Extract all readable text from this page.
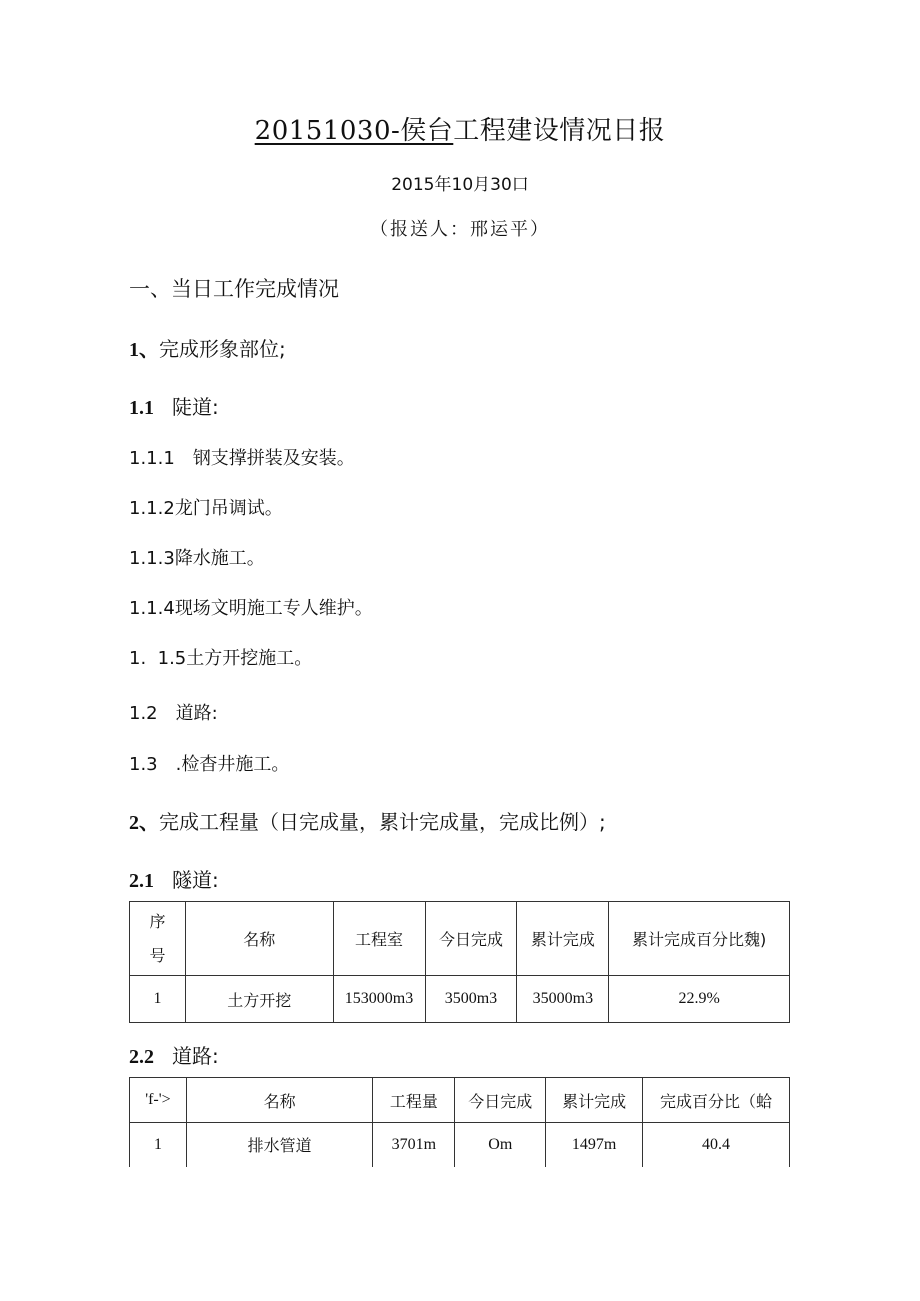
20151030-侯台工程建设情况日报
2015年10月30口
（报送人：邢运平）
一、当日工作完成情况
1、完成形象部位;
1.1 陡道:
1.1.1 钢支撑拼装及安装。
1.1.2龙门吊调试。
1.1.3降水施工。
1.1.4现场文明施工专人维护。
1.  1.5土方开挖施工。
1.2 道路:
1.3 .检杳井施工。
2、完成工程量（日完成量，累计完成量，完成比例）;
2.1 隧道:
序
号	名称	工程室	今日完成	累计完成	累计完成百分比魏)
1	土方开挖	153000m3	3500m3	35000m3	22.9%
2.2 道路:
'f-'>	名称	工程量	今日完成	累计完成	完成百分比（蛤
1	排水管道	3701m	Om	1497m	40.4
